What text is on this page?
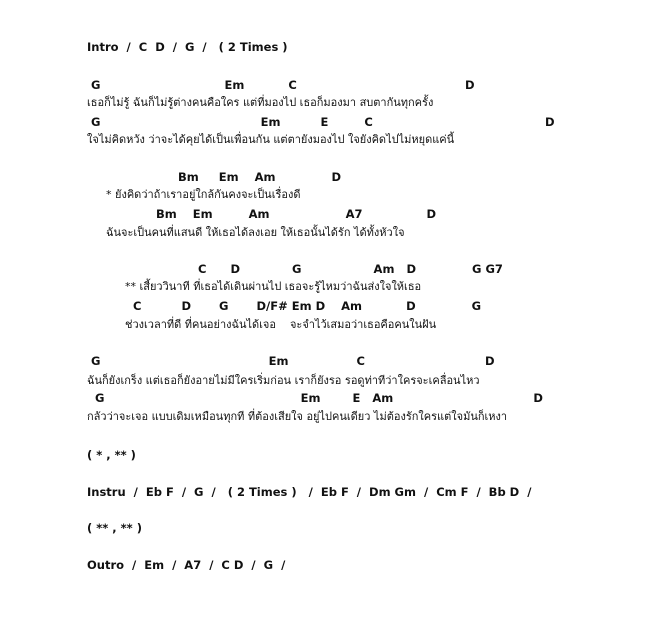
Intro  /  C  D  /  G  /   ( 2 Times )
G                               Em           C                                          D
เธอก็ไม่รู้ ฉันก็ไม่รู้ต่างคนคือใคร แต่ที่มองไป เธอก็มองมา สบตากันทุกครั้ง
G                                        Em          E         C                                           D
ใจไม่คิดหวัง ว่าจะได้คุยได้เป็นเพื่อนกัน แต่ตายังมองไป ใจยังคิดไปไม่หยุดแค่นี้
Bm     Em    Am              D
* ยังคิดว่าถ้าเราอยู่ใกล้กันคงจะเป็นเรื่องดี
Bm    Em         Am                   A7                D
ฉันจะเป็นคนที่แสนดี ให้เธอได้ลงเอย ให้เธอนั้นได้รัก ได้ทั้งหัวใจ
C      D             G                  Am   D              G G7
** เสี้ยววินาที ที่เธอได้เดินผ่านไป เธอจะรู้ไหมว่าฉันส่งใจให้เธอ
C          D       G       D/F# Em D    Am           D              G
ช่วงเวลาที่ดี ที่คนอย่างฉันได้เจอ    จะจำไว้เสมอว่าเธอคือคนในฝัน
G                                          Em                 C                              D
ฉันก็ยังเกร็ง แต่เธอก็ยังอายไม่มีใครเริ่มก่อน เราก็ยังรอ รอดูท่าทีว่าใครจะเคลื่อนไหว
G                                                 Em        E   Am                                   D
กลัวว่าจะเจอ แบบเดิมเหมือนทุกที ที่ต้องเสียใจ อยู่ไปคนเดียว ไม่ต้องรักใครแต่ใจมันก็เหงา
( * , ** )
Instru  /  Eb F  /  G  /   ( 2 Times )   /  Eb F  /  Dm Gm  /  Cm F  /  Bb D  /
( ** , ** )
Outro  /  Em  /  A7  /  C D  /  G  /
